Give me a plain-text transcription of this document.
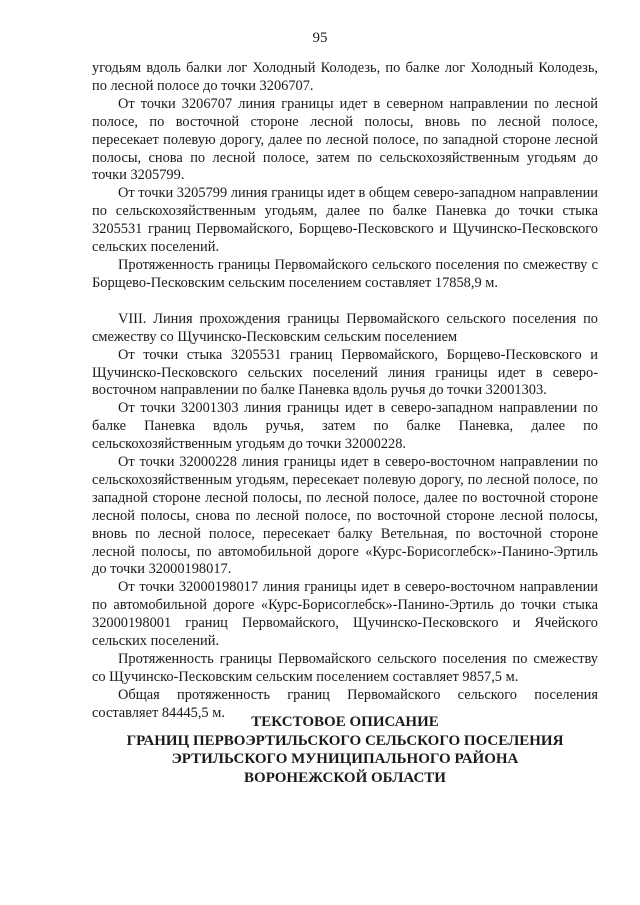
95

угодьям вдоль балки лог Холодный Колодезь, по балке лог Холодный Колодезь, по лесной полосе до точки 3206707.

От точки 3206707 линия границы идет в северном направлении по лесной полосе, по восточной стороне лесной полосы, вновь по лесной полосе, пересекает полевую дорогу, далее по лесной полосе, по западной стороне лесной полосы, снова по лесной полосе, затем по сельскохозяйственным угодьям до точки 3205799.

От точки 3205799 линия границы идет в общем северо-западном направлении по сельскохозяйственным угодьям, далее по балке Паневка до точки стыка 3205531 границ Первомайского, Борщево-Песковского и Щучинско-Песковского сельских поселений.

Протяженность границы Первомайского сельского поселения по смежеству с Борщево-Песковским сельским поселением составляет 17858,9 м.

VIII. Линия прохождения границы Первомайского сельского поселения по смежеству со Щучинско-Песковским сельским поселением

От точки стыка 3205531 границ Первомайского, Борщево-Песковского и Щучинско-Песковского сельских поселений линия границы идет в северо-восточном направлении по балке Паневка вдоль ручья до точки 32001303.

От точки 32001303 линия границы идет в северо-западном направлении по балке Паневка вдоль ручья, затем по балке Паневка, далее по сельскохозяйственным угодьям до точки 32000228.

От точки 32000228 линия границы идет в северо-восточном направлении по сельскохозяйственным угодьям, пересекает полевую дорогу, по лесной полосе, по западной стороне лесной полосы, по лесной полосе, далее по восточной стороне лесной полосы, снова по лесной полосе, по восточной стороне лесной полосы, вновь по лесной полосе, пересекает балку Ветельная, по восточной стороне лесной полосы, по автомобильной дороге «Курс-Борисоглебск»-Панино-Эртиль до точки 32000198017.

От точки 32000198017 линия границы идет в северо-восточном направлении по автомобильной дороге «Курс-Борисоглебск»-Панино-Эртиль до точки стыка 32000198001 границ Первомайского, Щучинско-Песковского и Ячейского сельских поселений.

Протяженность границы Первомайского сельского поселения по смежеству со Щучинско-Песковским сельским поселением составляет 9857,5 м.

Общая протяженность границ Первомайского сельского поселения составляет 84445,5 м.

ТЕКСТОВОЕ ОПИСАНИЕ
ГРАНИЦ ПЕРВОЭРТИЛЬСКОГО СЕЛЬСКОГО ПОСЕЛЕНИЯ
ЭРТИЛЬСКОГО МУНИЦИПАЛЬНОГО РАЙОНА
ВОРОНЕЖСКОЙ ОБЛАСТИ
